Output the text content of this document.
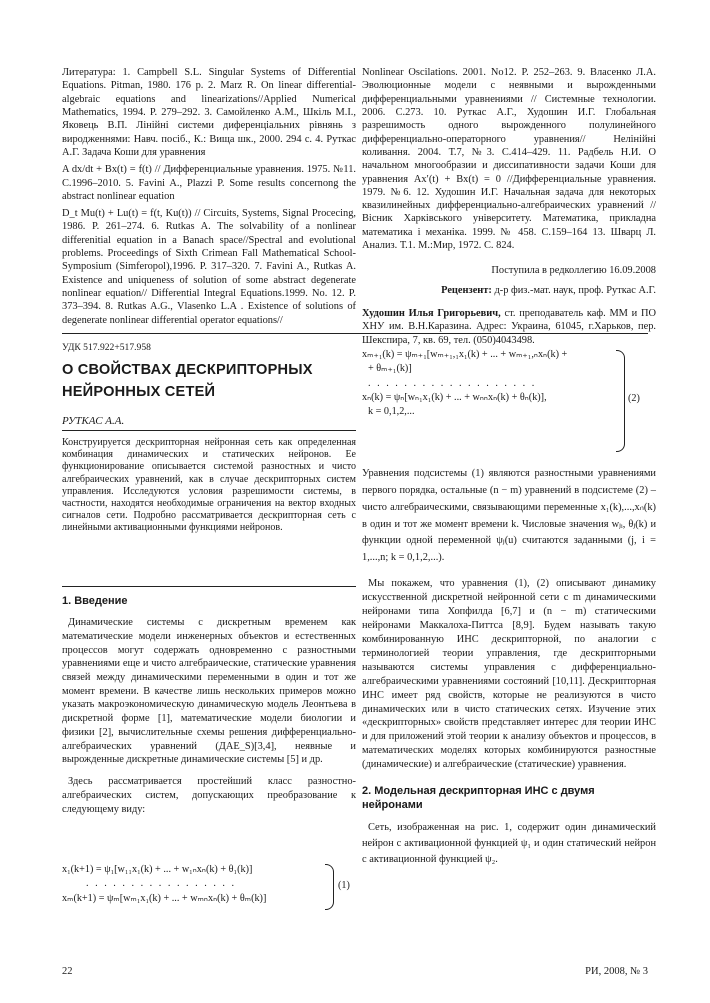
Литература: 1. Campbell S.L. Singular Systems of Differential Equations. Pitman, 1980. 176 p. 2. Marz R. On linear differential-algebraic equations and linearizations//Applied Numerical Mathematics, 1994. P. 279–292. 3. Самойленко А.М., Шкіль М.І., Яковець В.П. Лінійні системи диференціальних рівнянь з виродженнями: Навч. посіб., К.: Вища шк., 2000. 294 с. 4. Руткас А.Г. Задача Коши для уравнения

A dx/dt + Bx(t) = f(t) // Дифференциальные уравнения. 1975. №11. С.1996–2010. 5. Favini A., Plazzi P. Some results concernong the abstract nonlinear equation

D_t Mu(t) + Lu(t) = f(t, Ku(t)) // Circuits, Systems, Signal Procecing, 1986. P. 261–274. 6. Rutkas A. The solvability of a nonlinear differenitial equation in a Banach space//Spectral and evolutional problems. Proceedings of Sixth Crimean Fall Mathematical School-Symposium (Simferopol),1996. P. 317–320. 7. Favini A., Rutkas A. Existence and uniqueness of solution of some abstract degenerate nonlinear equation// Differential Integral Equations.1999. No. 12. P. 373–394. 8. Rutkas A.G., Vlasenko L.A . Existence of solutions of degenerate nonlinear differential operator equations//

Nonlinear Oscilations. 2001. No12. P. 252–263. 9. Власенко Л.А. Эволюционные модели с неявными и вырожденными дифференциальными уравнениями // Системные технологии. 2006. С.273. 10. Руткас А.Г., Худошин И.Г. Глобальная разрешимость одного вырожденного полулинейного дифференциально-операторного уравнения// Нелінійні коливання. 2004. Т.7, №3. С.414–429. 11. Радбель Н.И. О начальном многообразии и диссипативности задачи Коши для уравнения Ax′(t) + Bx(t) = 0 //Дифференциальные уравнения. 1979. №6. 12. Худошин И.Г. Начальная задача для некоторых квазилинейных дифференциально-алгебраических уравнений // Вісник Харківського університету. Математика, прикладна математика і механіка. 1999. № 458. С.159–164 13. Шварц Л. Анализ. Т.1. М.:Мир, 1972. С. 824.

Поступила в редколлегию 16.09.2008

Рецензент: д-р физ.-мат. наук, проф. Руткас А.Г.

Худошин Илья Григорьевич, ст. преподаватель каф. ММ и ПО ХНУ им. В.Н.Каразина. Адрес: Украина, 61045, г.Харьков, пер. Шекспира, 7, кв. 69, тел. (050)4043498.

УДК 517.922+517.958
О СВОЙСТВАХ ДЕСКРИПТОРНЫХ
НЕЙРОННЫХ СЕТЕЙ
РУТКАС А.А.

Конструируется дескрипторная нейронная сеть как определенная комбинация динамических и статических нейронов. Ее функционирование описывается системой разностных и чисто алгебраических уравнений, как в случае дескрипторных систем управления. Исследуются условия разрешимости системы, в частности, находятся необходимые ограничения на вектор входных сигналов сети. Подробно рассматривается дескрипторная сеть с линейными активационными функциями нейронов.

1. Введение

Динамические системы с дискретным временем как математические модели инженерных объектов и естественных процессов могут содержать одновременно с разностными уравнениями еще и чисто алгебраические, статические уравнения связей между динамическими переменными в один и тот же момент времени. В качестве лишь нескольких примеров можно указать макроэкономическую динамическую модель Леонтьева в дискретной форме [1], математические модели биологии и физики [2], вычислительные схемы решения дифференциально-алгебраических уравнений (ДАЕ_S)[3,4], неявные и вырожденные дискретные динамические системы [5] и др.

Здесь рассматривается простейший класс разностно-алгебраических систем, допускающих преобразование к следующему виду:

x₁(k+1) = ψ₁[w₁₁x₁(k) + ... + w₁ₙxₙ(k) + θ₁(k)]
. . . . . . . . . . . . . . . . .
xₘ(k+1) = ψₘ[wₘ₁x₁(k) + ... + wₘₙxₙ(k) + θₘ(k)]
(1)
xₘ₊₁(k) = ψₘ₊₁[wₘ₊₁,₁x₁(k) + ... + wₘ₊₁,ₙxₙ(k) +
+ θₘ₊₁(k)]
. . . . . . . . . . . . . . . . . . .
xₙ(k) = ψₙ[wₙ₁x₁(k) + ... + wₙₙxₙ(k) + θₙ(k)],
k = 0,1,2,...
(2)

Уравнения подсистемы (1) являются разностными уравнениями первого порядка, остальные (n − m) уравнений в подсистеме (2) – чисто алгебраическими, связывающими переменные x₁(k),...,xₙ(k) в один и тот же момент времени k. Числовые значения wⱼᵢ, θⱼ(k) и функции одной переменной ψⱼ(u) считаются заданными (j, i = 1,...,n; k = 0,1,2,...).

Мы покажем, что уравнения (1), (2) описывают динамику искусственной дискретной нейронной сети с m динамическими нейронами типа Хопфилда [6,7] и (n − m) статическими нейронами Маккалоха-Питтса [8,9]. Будем называть такую комбинированную ИНС дескрипторной, по аналогии с терминологией теории управления, где дескрипторными называются системы управления с дифференциально-алгебраическими уравнениями состояний [10,11]. Дескрипторная ИНС имеет ряд свойств, которые не реализуются в чисто динамических или в чисто статических сетях. Изучение этих «дескрипторных» свойств представляет интерес для теории ИНС и для приложений этой теории к анализу объектов и процессов, в математических моделях которых комбинируются разностные (динамические) и алгебраические (статические) уравнения.

2. Модельная дескрипторная ИНС с двумя нейронами

Сеть, изображенная на рис. 1, содержит один динамический нейрон с активационной функцией ψ₁ и один статический нейрон с активационной функцией ψ₂.

22	РИ, 2008, № 3
